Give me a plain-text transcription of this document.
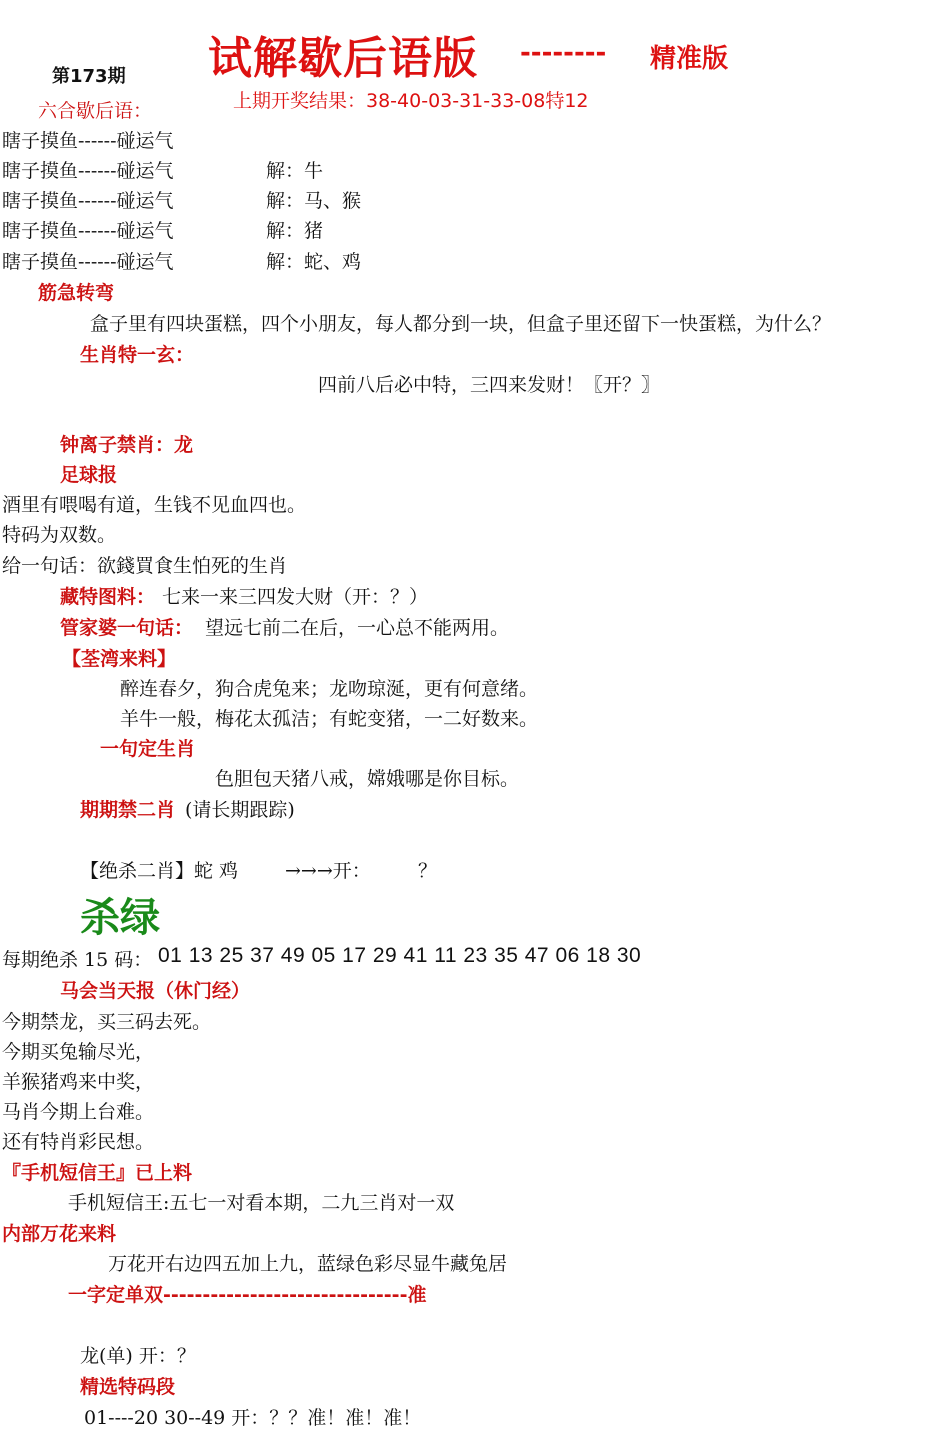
试解歇后语版 -------- 精准版
第173期
上期开奖结果：38-40-03-31-33-08特12
六合歇后语：
瞎子摸鱼------碰运气
瞎子摸鱼------碰运气	解：牛
瞎子摸鱼------碰运气	解：马、猴
瞎子摸鱼------碰运气	解：猪
瞎子摸鱼------碰运气	解：蛇、鸡
筋急转弯
盒子里有四块蛋糕，四个小朋友，每人都分到一块，但盒子里还留下一快蛋糕，为什么？
生肖特一玄：
四前八后必中特，三四来发财！〖开？〗
钟离子禁肖：龙
足球报
酒里有喂喝有道，生钱不见血四也。
特码为双数。
给一句话：欲錢買食生怕死的生肖
藏特图料： 七来一来三四发大财（开：？）
管家婆一句话： 望远七前二在后，一心总不能两用。
【荃湾来料】
醉连春夕，狗合虎兔来；龙吻琼涎，更有何意绪。
羊牛一般，梅花太孤洁；有蛇变猪，一二好数来。
一句定生肖
色胆包天猪八戒，嫦娥哪是你目标。
期期禁二肖 (请长期跟踪)
【绝杀二肖】蛇 鸡 →→→开： ？
杀绿
每期绝杀 15 码： 01 13 25 37 49 05 17 29 41 11 23 35 47 06 18 30
马会当天报（休门经）
今期禁龙，买三码去死。
今期买兔输尽光，
羊猴猪鸡来中奖，
马肖今期上台难。
还有特肖彩民想。
『手机短信王』已上料
手机短信王:五七一对看本期，二九三肖对一双
内部万花来料
万花开右边四五加上九，蓝绿色彩尽显牛藏兔居
一字定单双-------------------------------准
龙(单) 开：？
精选特码段
01----20 30--49 开：？？准！准！准！
